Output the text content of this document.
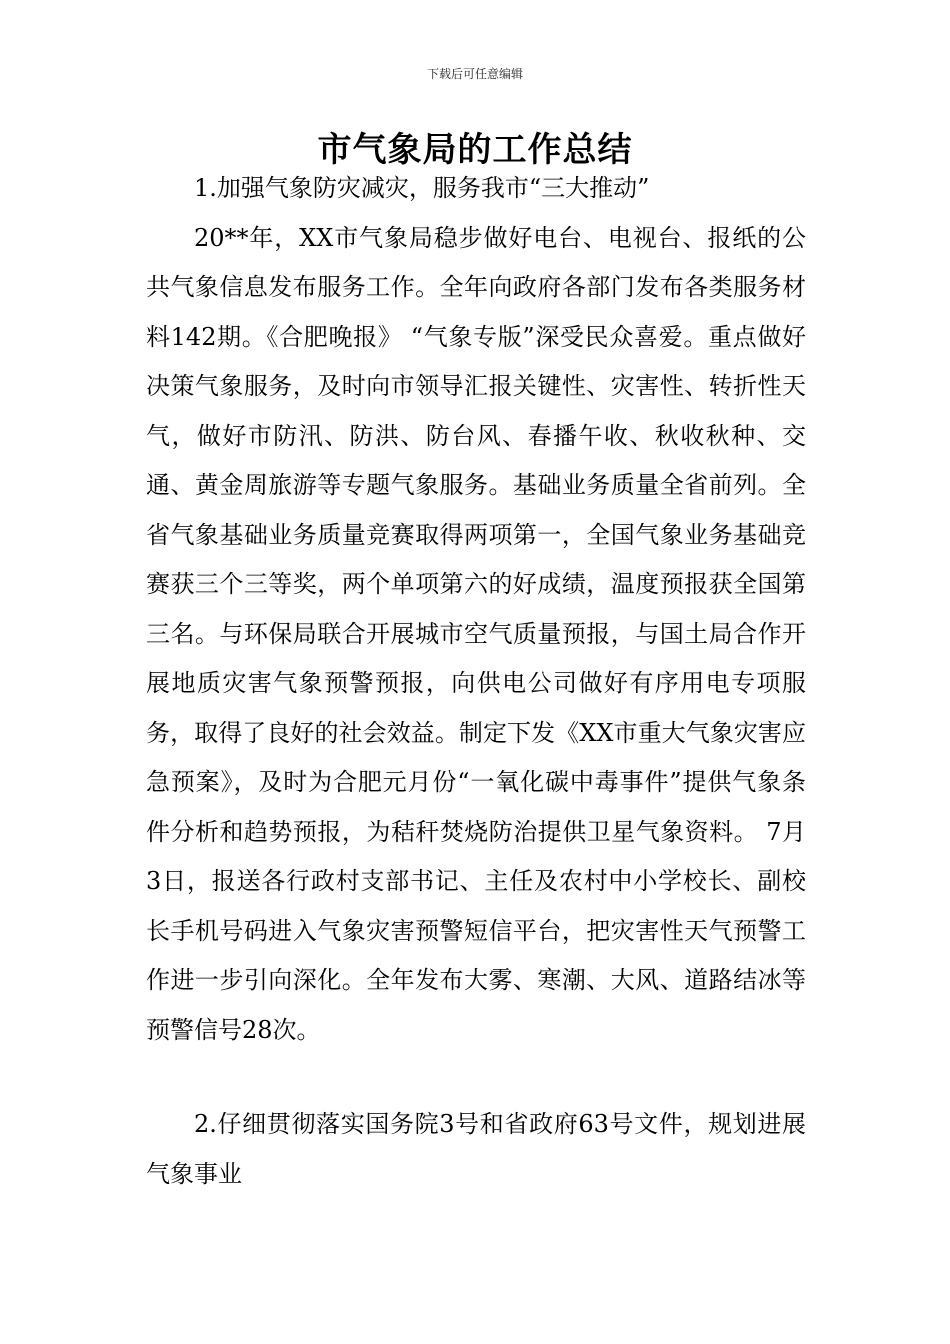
下载后可任意编辑
市气象局的工作总结

1.加强气象防灾减灾，服务我市“三大推动”

20**年，XX市气象局稳步做好电台、电视台、报纸的公共气象信息发布服务工作。全年向政府各部门发布各类服务材料142期。《合肥晚报》 “气象专版”深受民众喜爱。重点做好决策气象服务，及时向市领导汇报关键性、灾害性、转折性天气，做好市防汛、防洪、防台风、春播午收、秋收秋种、交通、黄金周旅游等专题气象服务。基础业务质量全省前列。全省气象基础业务质量竞赛取得两项第一，全国气象业务基础竞赛获三个三等奖，两个单项第六的好成绩，温度预报获全国第三名。与环保局联合开展城市空气质量预报，与国土局合作开展地质灾害气象预警预报，向供电公司做好有序用电专项服务，取得了良好的社会效益。制定下发《XX市重大气象灾害应急预案》，及时为合肥元月份“一氧化碳中毒事件”提供气象条件分析和趋势预报，为秸秆焚烧防治提供卫星气象资料。 7月3日，报送各行政村支部书记、主任及农村中小学校长、副校长手机号码进入气象灾害预警短信平台，把灾害性天气预警工作进一步引向深化。全年发布大雾、寒潮、大风、道路结冰等预警信号28次。

2.仔细贯彻落实国务院3号和省政府63号文件，规划进展气象事业
